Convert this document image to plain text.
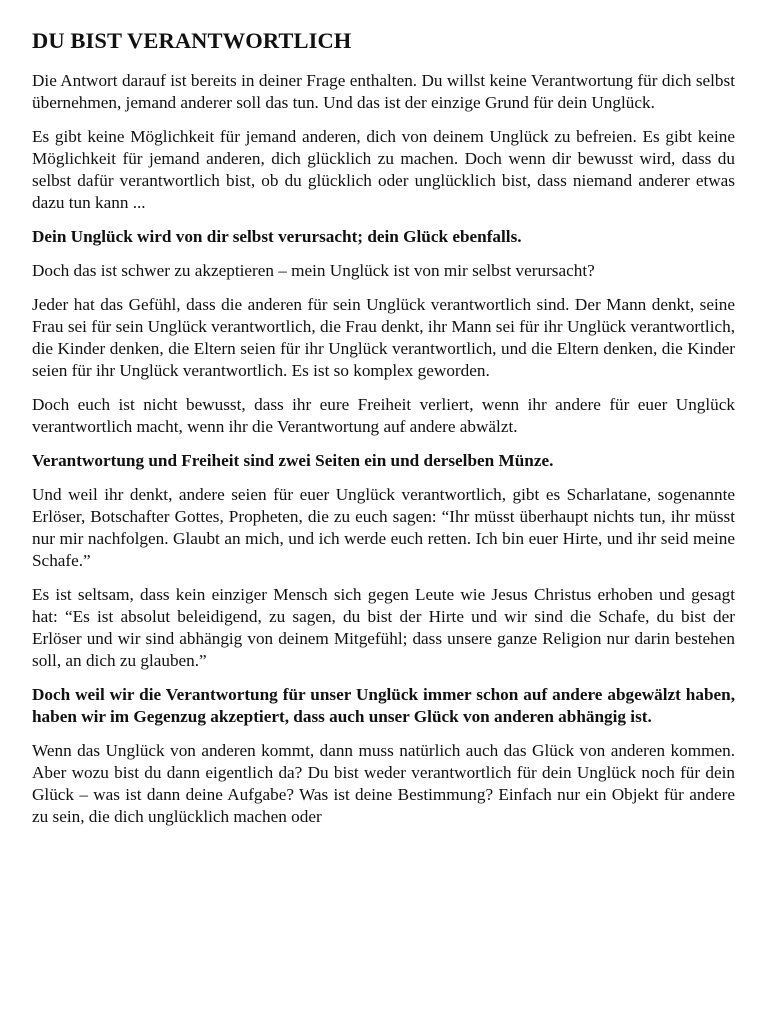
DU BIST VERANTWORTLICH

Die Antwort darauf ist bereits in deiner Frage enthalten. Du willst keine Verantwortung für dich selbst übernehmen, jemand anderer soll das tun. Und das ist der einzige Grund für dein Unglück.

Es gibt keine Möglichkeit für jemand anderen, dich von deinem Unglück zu befreien. Es gibt keine Möglichkeit für jemand anderen, dich glücklich zu machen. Doch wenn dir bewusst wird, dass du selbst dafür verantwortlich bist, ob du glücklich oder unglücklich bist, dass niemand anderer etwas dazu tun kann ...

Dein Unglück wird von dir selbst verursacht; dein Glück ebenfalls.

Doch das ist schwer zu akzeptieren – mein Unglück ist von mir selbst verursacht?

Jeder hat das Gefühl, dass die anderen für sein Unglück verantwortlich sind. Der Mann denkt, seine Frau sei für sein Unglück verantwortlich, die Frau denkt, ihr Mann sei für ihr Unglück verantwortlich, die Kinder denken, die Eltern seien für ihr Unglück verantwortlich, und die Eltern denken, die Kinder seien für ihr Unglück verantwortlich. Es ist so komplex geworden.

Doch euch ist nicht bewusst, dass ihr eure Freiheit verliert, wenn ihr andere für euer Unglück verantwortlich macht, wenn ihr die Verantwortung auf andere abwälzt.

Verantwortung und Freiheit sind zwei Seiten ein und derselben Münze.

Und weil ihr denkt, andere seien für euer Unglück verantwortlich, gibt es Scharlatane, sogenannte Erlöser, Botschafter Gottes, Propheten, die zu euch sagen: “Ihr müsst überhaupt nichts tun, ihr müsst nur mir nachfolgen. Glaubt an mich, und ich werde euch retten. Ich bin euer Hirte, und ihr seid meine Schafe.”

Es ist seltsam, dass kein einziger Mensch sich gegen Leute wie Jesus Christus erhoben und gesagt hat: “Es ist absolut beleidigend, zu sagen, du bist der Hirte und wir sind die Schafe, du bist der Erlöser und wir sind abhängig von deinem Mitgefühl; dass unsere ganze Religion nur darin bestehen soll, an dich zu glauben.”

Doch weil wir die Verantwortung für unser Unglück immer schon auf andere abgewälzt haben, haben wir im Gegenzug akzeptiert, dass auch unser Glück von anderen abhängig ist.

Wenn das Unglück von anderen kommt, dann muss natürlich auch das Glück von anderen kommen. Aber wozu bist du dann eigentlich da? Du bist weder verantwortlich für dein Unglück noch für dein Glück – was ist dann deine Aufgabe? Was ist deine Bestimmung? Einfach nur ein Objekt für andere zu sein, die dich unglücklich machen oder
